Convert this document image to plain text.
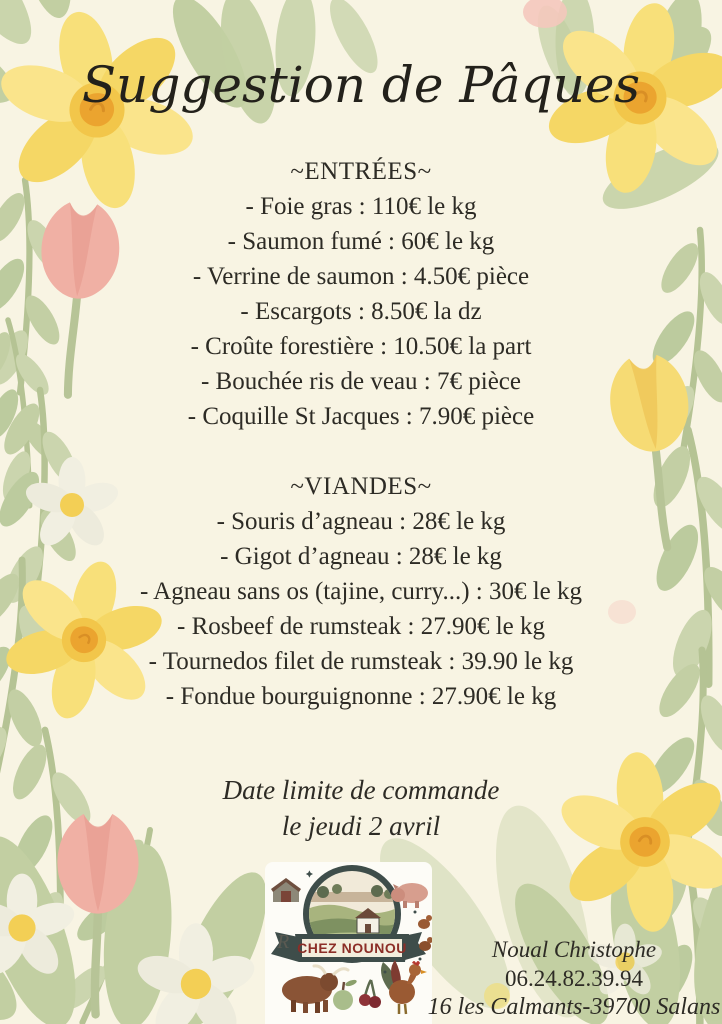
Suggestion de Pâques
~ENTRÉES~

- Foie gras : 110€ le kg

- Saumon fumé : 60€ le kg

- Verrine de saumon : 4.50€ pièce

- Escargots : 8.50€ la dz

- Croûte forestière : 10.50€ la part

- Bouchée ris de veau : 7€ pièce

- Coquille St Jacques : 7.90€ pièce

~VIANDES~

- Souris d’agneau : 28€ le kg

- Gigot d’agneau : 28€ le kg

- Agneau sans os (tajine, curry...) : 30€ le kg

- Rosbeef de rumsteak : 27.90€ le kg

- Tournedos filet de rumsteak : 39.90 le kg

- Fondue bourguignonne : 27.90€ le kg

Date limite de commande

le jeudi 2 avril

CHEZ NOUNOU
R	Noual Christophe

06.24.82.39.94

16 les Calmants-39700 Salans
